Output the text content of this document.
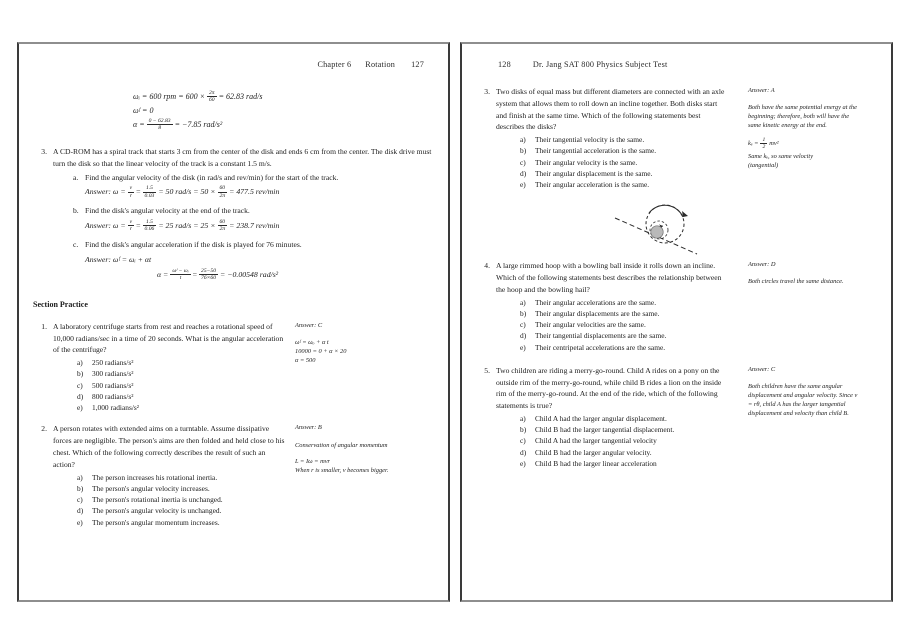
Chapter 6 Rotation 127
ωᵢ = 600 rpm = $600 \times \frac{2\pi}{60} = 62.83$ rad/s
ωᶠ = 0
$\alpha = \frac{0 - 62.83}{8} = -7.85$ rad/s²
3. A CD-ROM has a spiral track that starts 3 cm from the center of the disk and ends 6 cm from the center. The disk drive must turn the disk so that the linear velocity of the track is a constant 1.5 m/s.
a. Find the angular velocity of the disk (in rad/s and rev/min) for the start of the track.
Answer: $\omega = \frac{v}{r} = \frac{1.5}{0.03} = 50$ $rad/s = 50 \times \frac{60}{2\pi} = 477.5$ rev/min
b. Find the disk's angular velocity at the end of the track.
Answer: $\omega = \frac{v}{r} = \frac{1.5}{0.06} = 25$ $rad/s = 25 \times \frac{60}{2\pi} = 238.7$ rev/min
c. Find the disk's angular acceleration if the disk is played for 76 minutes.
Answer: ωᶠ = ωᵢ + αt
$\alpha = \frac{\text{ωᶠ − ωᵢ}}{t} = \frac{25-50}{76\times 60} = -0.00548$ rad/s²
Section Practice
1. A laboratory centrifuge starts from rest and reaches a rotational speed of 10,000 radians/sec in a time of 20 seconds. What is the angular acceleration of the centrifuge?
a)	250 radians/s²
b)	300 radians/s²
c)	500 radians/s²
d)	800 radians/s²
e)	1,000 radians/s²
Answer: C
ωᶠ = ωₒ + α t
10000 = 0 + α × 20
α = 500
2. A person rotates with extended aims on a turntable. Assume dissipative forces are negligible. The person's aims are then folded and held close to his chest. Which of the following correctly describes the result of such an action?
a)	The person increases his rotational inertia.
b)	The person's angular velocity increases.
c)	The person's rotational inertia is unchanged.
d)	The person's angular velocity is unchanged.
e)	The person's angular momentum increases.
Answer: B
Conservation of angular momentum
L = Iω = mvr
When r is smaller, v becomes bigger.
128	Dr. Jang SAT 800 Physics Subject Test
3. Two disks of equal mass but different diameters are connected with an axle system that allows them to roll down an incline together. Both disks start and finish at the same time. Which of the following statements best describes the disks?
a)	Their tangential velocity is the same.
b)	Their tangential acceleration is the same.
c)	Their angular velocity is the same.
d)	Their angular displacement is the same.
e)	Their angular acceleration is the same.
Answer: A
Both have the same potential energy at the beginning; therefore, both will have the same kinetic energy at the end.
$k_e = \frac{1}{2} mv^2$
Same kₑ, so same velocity
(tangential)
4. A large rimmed hoop with a bowling ball inside it rolls down an incline. Which of the following statements best describes the relationship between the hoop and the bowling hail?
a)	Their angular accelerations are the same.
b)	Their angular displacements are the same.
c)	Their angular velocities are the same.
d)	Their tangential displacements are the same.
e)	Their centripetal accelerations are the same.
Answer: D
Both circles travel the same distance.
5. Two children are riding a merry-go-round. Child A rides on a pony on the outside rim of the merry-go-round, while child B rides a lion on the inside rim of the merry-go-round. At the end of the ride, which of the following statements is true?
a)	Child A had the larger angular displacement.
b)	Child B had the larger tangential displacement.
c)	Child A had the larger tangential velocity
d)	Child B had the larger angular velocity.
e)	Child B had the larger linear acceleration
Answer: C
Both children have the same angular displacement and angular velocity. Since v = rθ, child A has the larger tangential displacement and velocity than child B.
